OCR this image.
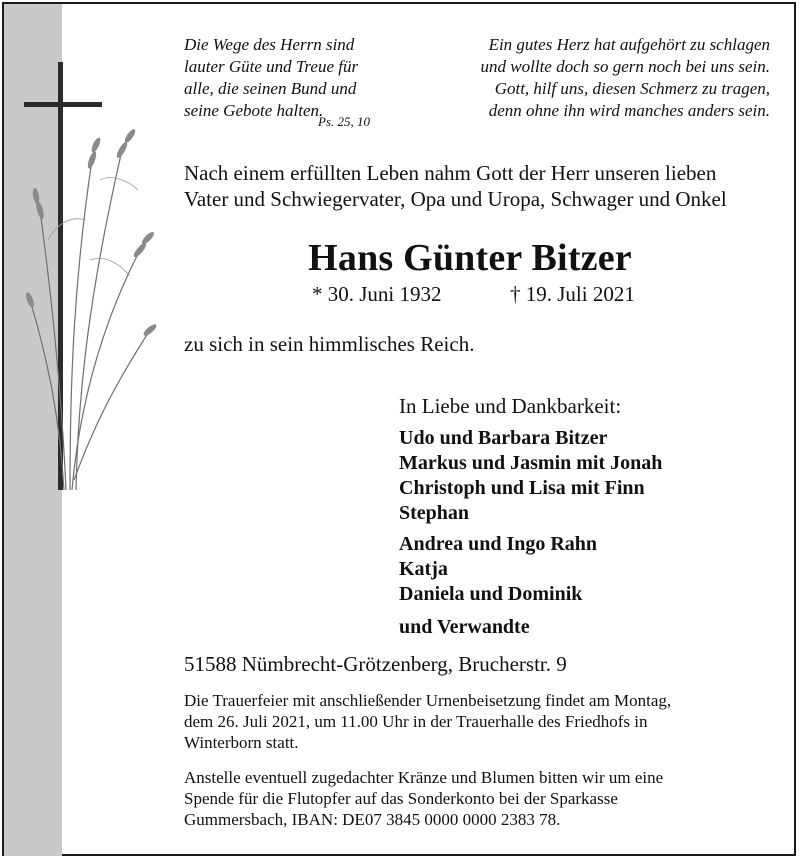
Die Wege des Herrn sind
lauter Güte und Treue für
alle, die seinen Bund und
seine Gebote halten.
Ps. 25, 10
Ein gutes Herz hat aufgehört zu schlagen
und wollte doch so gern noch bei uns sein.
Gott, hilf uns, diesen Schmerz zu tragen,
denn ohne ihn wird manches anders sein.
Nach einem erfüllten Leben nahm Gott der Herr unseren lieben
Vater und Schwiegervater, Opa und Uropa, Schwager und Onkel
Hans Günter Bitzer
* 30. Juni 1932	† 19. Juli 2021
zu sich in sein himmlisches Reich.
In Liebe und Dankbarkeit:
Udo und Barbara Bitzer
Markus und Jasmin mit Jonah
Christoph und Lisa mit Finn
Stephan
Andrea und Ingo Rahn
Katja
Daniela und Dominik
und Verwandte
51588 Nümbrecht-Grötzenberg, Brucherstr. 9
Die Trauerfeier mit anschließender Urnenbeisetzung findet am Montag,
dem 26. Juli 2021, um 11.00 Uhr in der Trauerhalle des Friedhofs in
Winterborn statt.
Anstelle eventuell zugedachter Kränze und Blumen bitten wir um eine
Spende für die Flutopfer auf das Sonderkonto bei der Sparkasse
Gummersbach, IBAN: DE07 3845 0000 0000 2383 78.
